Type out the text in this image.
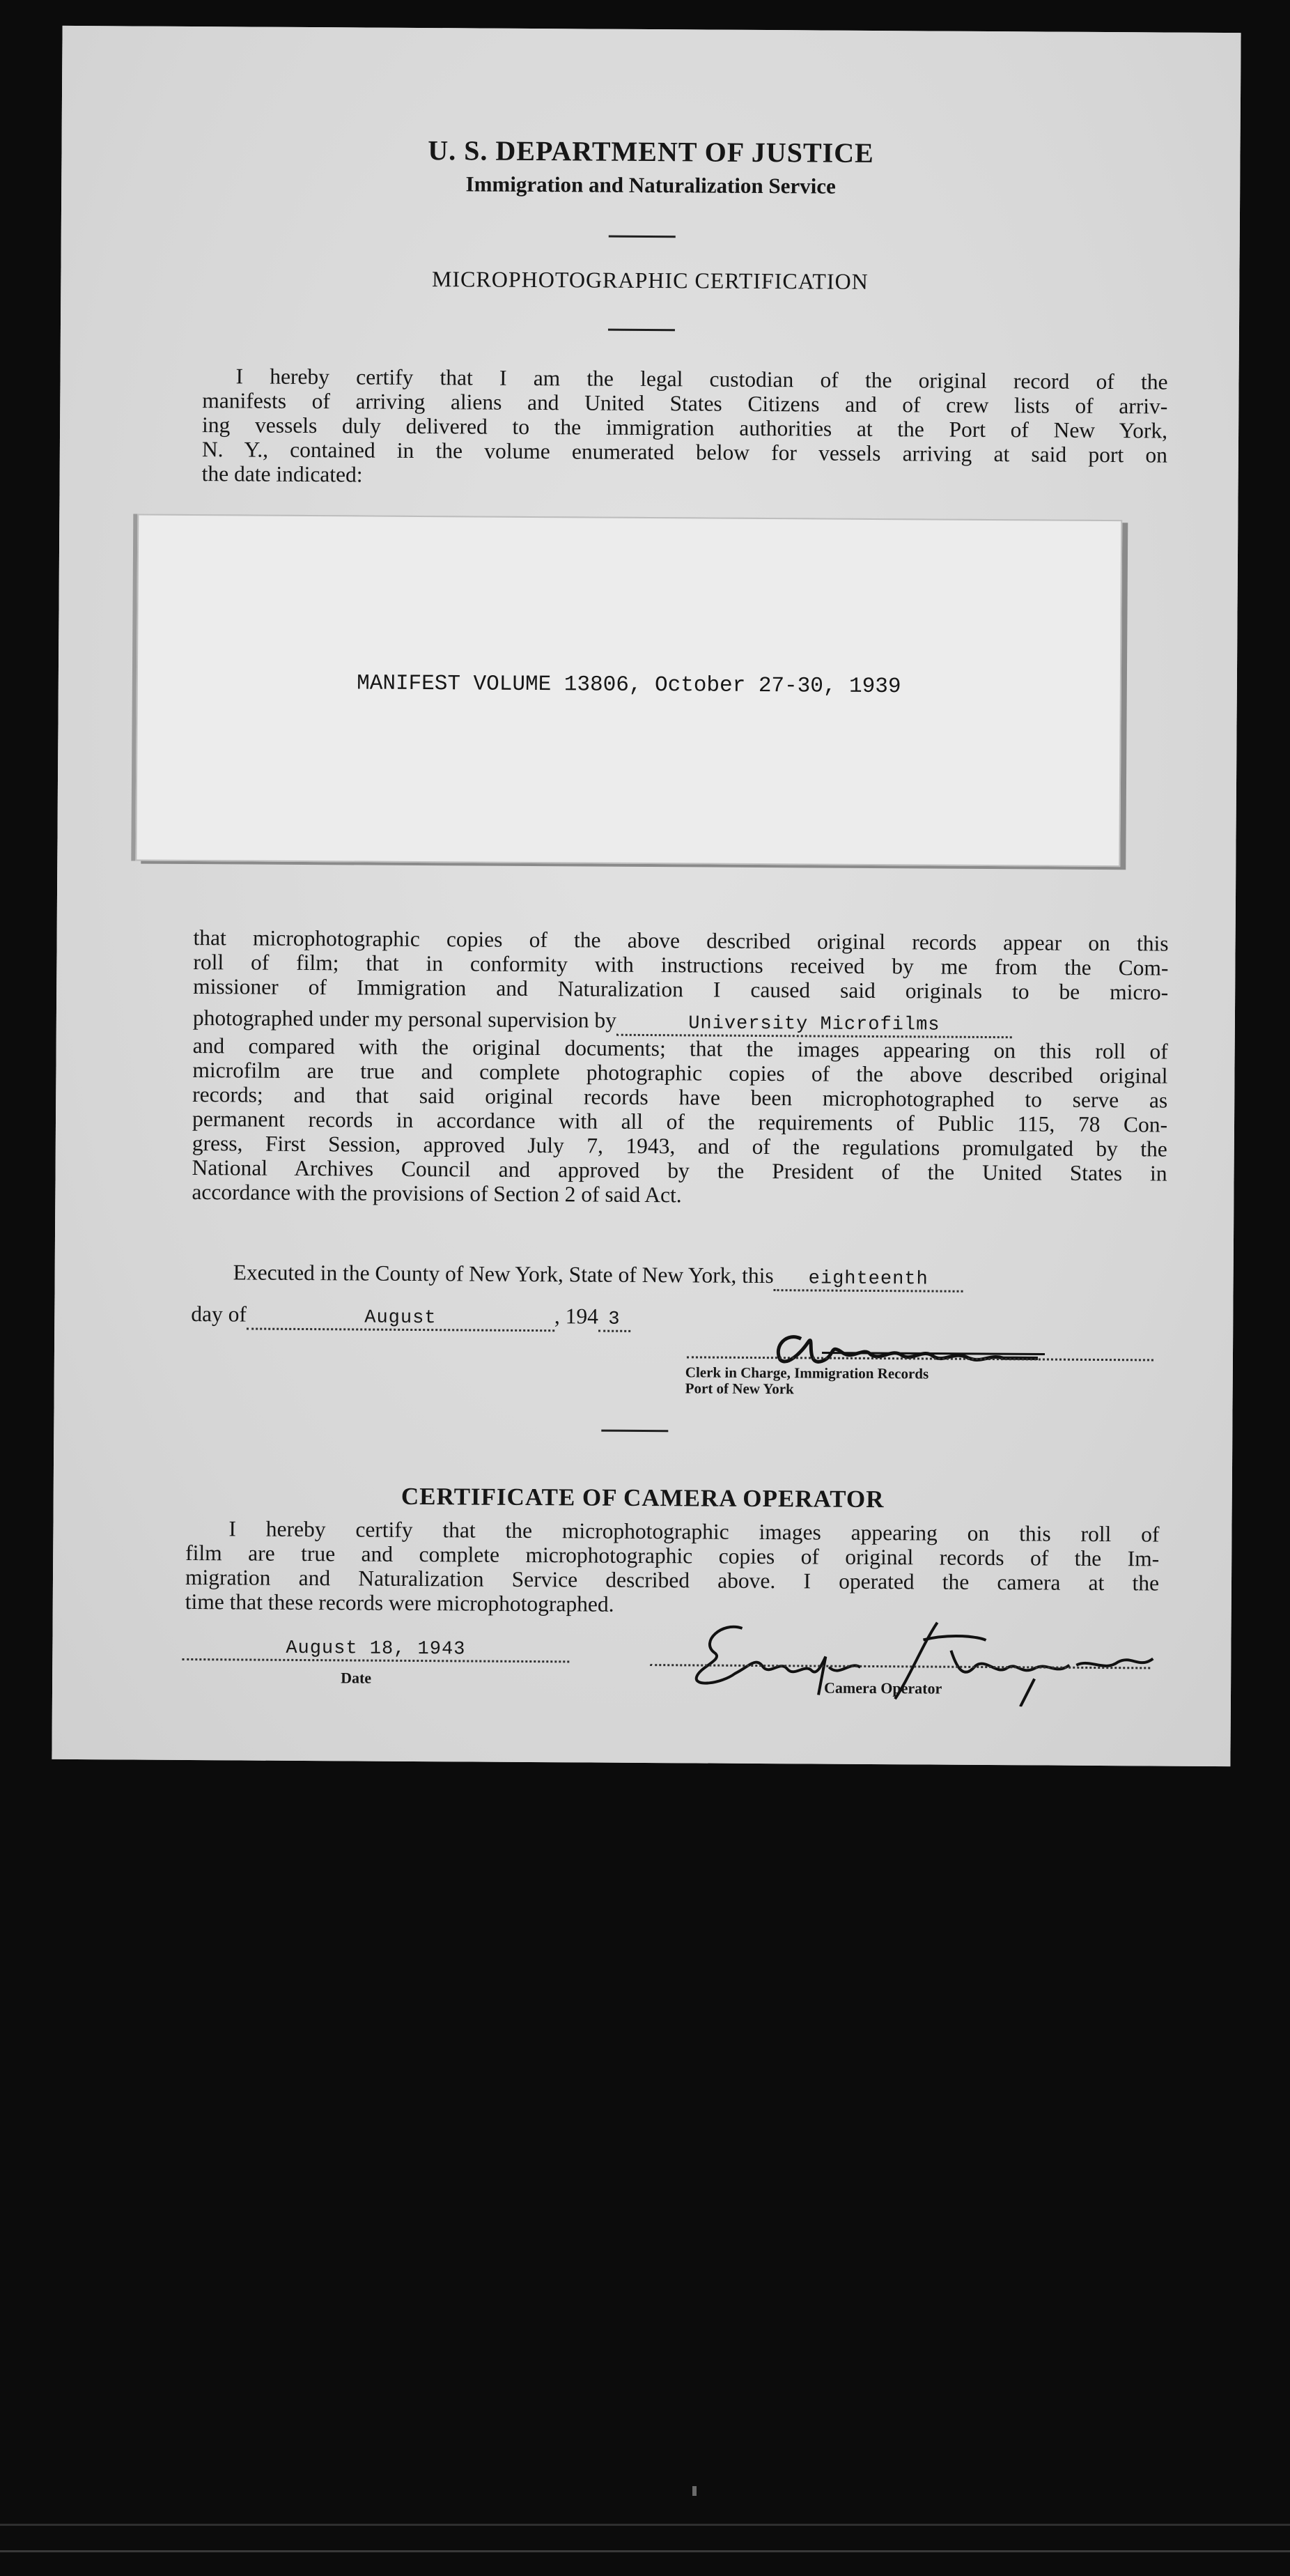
U. S. DEPARTMENT OF JUSTICE
Immigration and Naturalization Service
MICROPHOTOGRAPHIC CERTIFICATION
I hereby certify that I am the legal custodian of the original record of the
manifests of arriving aliens and United States Citizens and of crew lists of arriv-
ing vessels duly delivered to the immigration authorities at the Port of New York,
N. Y., contained in the volume enumerated below for vessels arriving at said port on
the date indicated:
MANIFEST VOLUME 13806, October 27-30, 1939
that microphotographic copies of the above described original records appear on this
roll of film; that in conformity with instructions received by me from the Com-
missioner of Immigration and Naturalization I caused said originals to be micro-
photographed under my personal supervision by	University Microfilms
and compared with the original documents; that the images appearing on this roll of
microfilm are true and complete photographic copies of the above described original
records; and that said original records have been microphotographed to serve as
permanent records in accordance with all of the requirements of Public 115, 78 Con-
gress, First Session, approved July 7, 1943, and of the regulations promulgated by the
National Archives Council and approved by the President of the United States in
accordance with the provisions of Section 2 of said Act.
Executed in the County of New York, State of New York, this eighteenth
day of	August	, 194 3
Clerk in Charge, Immigration Records
Port of New York
CERTIFICATE OF CAMERA OPERATOR
I hereby certify that the microphotographic images appearing on this roll of
film are true and complete microphotographic copies of original records of the Im-
migration and Naturalization Service described above. I operated the camera at the
time that these records were microphotographed.
August 18, 1943
Date
Camera Operator
